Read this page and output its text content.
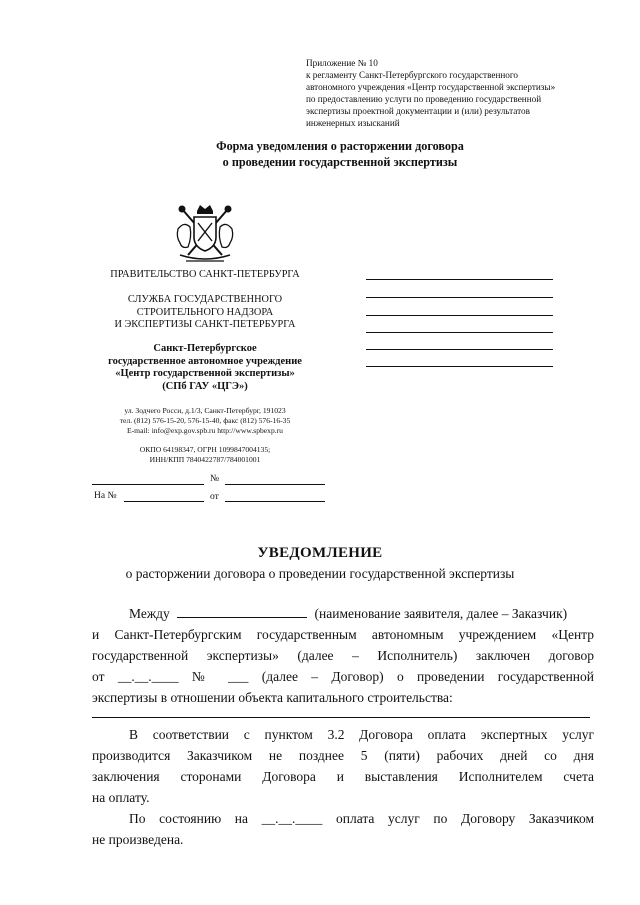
Приложение № 10
к регламенту Санкт-Петербургского государственного
автономного учреждения «Центр государственной экспертизы»
по предоставлению услуги по проведению государственной
экспертизы проектной документации и (или) результатов
инженерных изысканий
Форма уведомления о расторжении договора
о проведении государственной экспертизы
ПРАВИТЕЛЬСТВО САНКТ-ПЕТЕРБУРГА
СЛУЖБА ГОСУДАРСТВЕННОГО
СТРОИТЕЛЬНОГО НАДЗОРА
И ЭКСПЕРТИЗЫ САНКТ-ПЕТЕРБУРГА
Санкт-Петербургское
государственное автономное учреждение
«Центр государственной экспертизы»
(СПб ГАУ «ЦГЭ»)
ул. Зодчего Росси, д.1/3, Санкт-Петербург, 191023
тел. (812) 576-15-20, 576-15-40, факс (812) 576-16-35
E-mail: info@exp.gov.spb.ru http://www.spbexp.ru
ОКПО 64198347, ОГРН 1099847004135;
ИНН/КПП 7840422787/784001001
№
На №	от
УВЕДОМЛЕНИЕ
о расторжении договора о проведении государственной экспертизы
Между	(наименование заявителя, далее – Заказчик)
и Санкт-Петербургским государственным автономным учреждением «Центр
государственной экспертизы» (далее – Исполнитель) заключен договор
от __.__.____ № ___ (далее – Договор) о проведении государственной
экспертизы в отношении объекта капитального строительства:
В соответствии с пунктом 3.2 Договора оплата экспертных услуг
производится Заказчиком не позднее 5 (пяти) рабочих дней со дня
заключения сторонами Договора и выставления Исполнителем счета
на оплату.
По состоянию на __.__.____ оплата услуг по Договору Заказчиком
не произведена.
